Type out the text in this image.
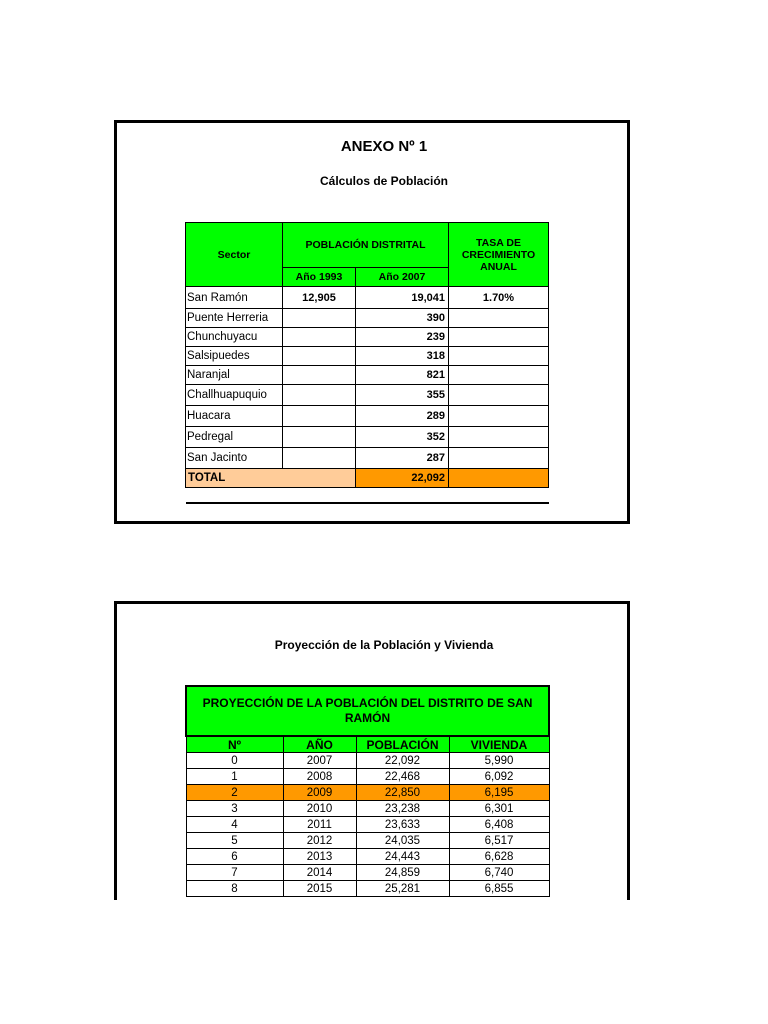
ANEXO Nº 1
Cálculos de Población
Sector	POBLACIÓN DISTRITAL		TASA DE CRECIMIENTO ANUAL
	Año 1993	Año 2007	
San Ramón	12,905	19,041	1.70%
Puente Herreria		390	
Chunchuyacu		239	
Salsipuedes		318	
Naranjal		821	
Challhuapuquio		355	
Huacara		289	
Pedregal		352	
San Jacinto		287	
TOTAL		22,092	

Proyección de la Población y Vivienda
PROYECCIÓN DE LA POBLACIÓN DEL DISTRITO DE SAN RAMÓN			
Nº	AÑO	POBLACIÓN	VIVIENDA
0	2007	22,092	5,990
1	2008	22,468	6,092
2	2009	22,850	6,195
3	2010	23,238	6,301
4	2011	23,633	6,408
5	2012	24,035	6,517
6	2013	24,443	6,628
7	2014	24,859	6,740
8	2015	25,281	6,855
